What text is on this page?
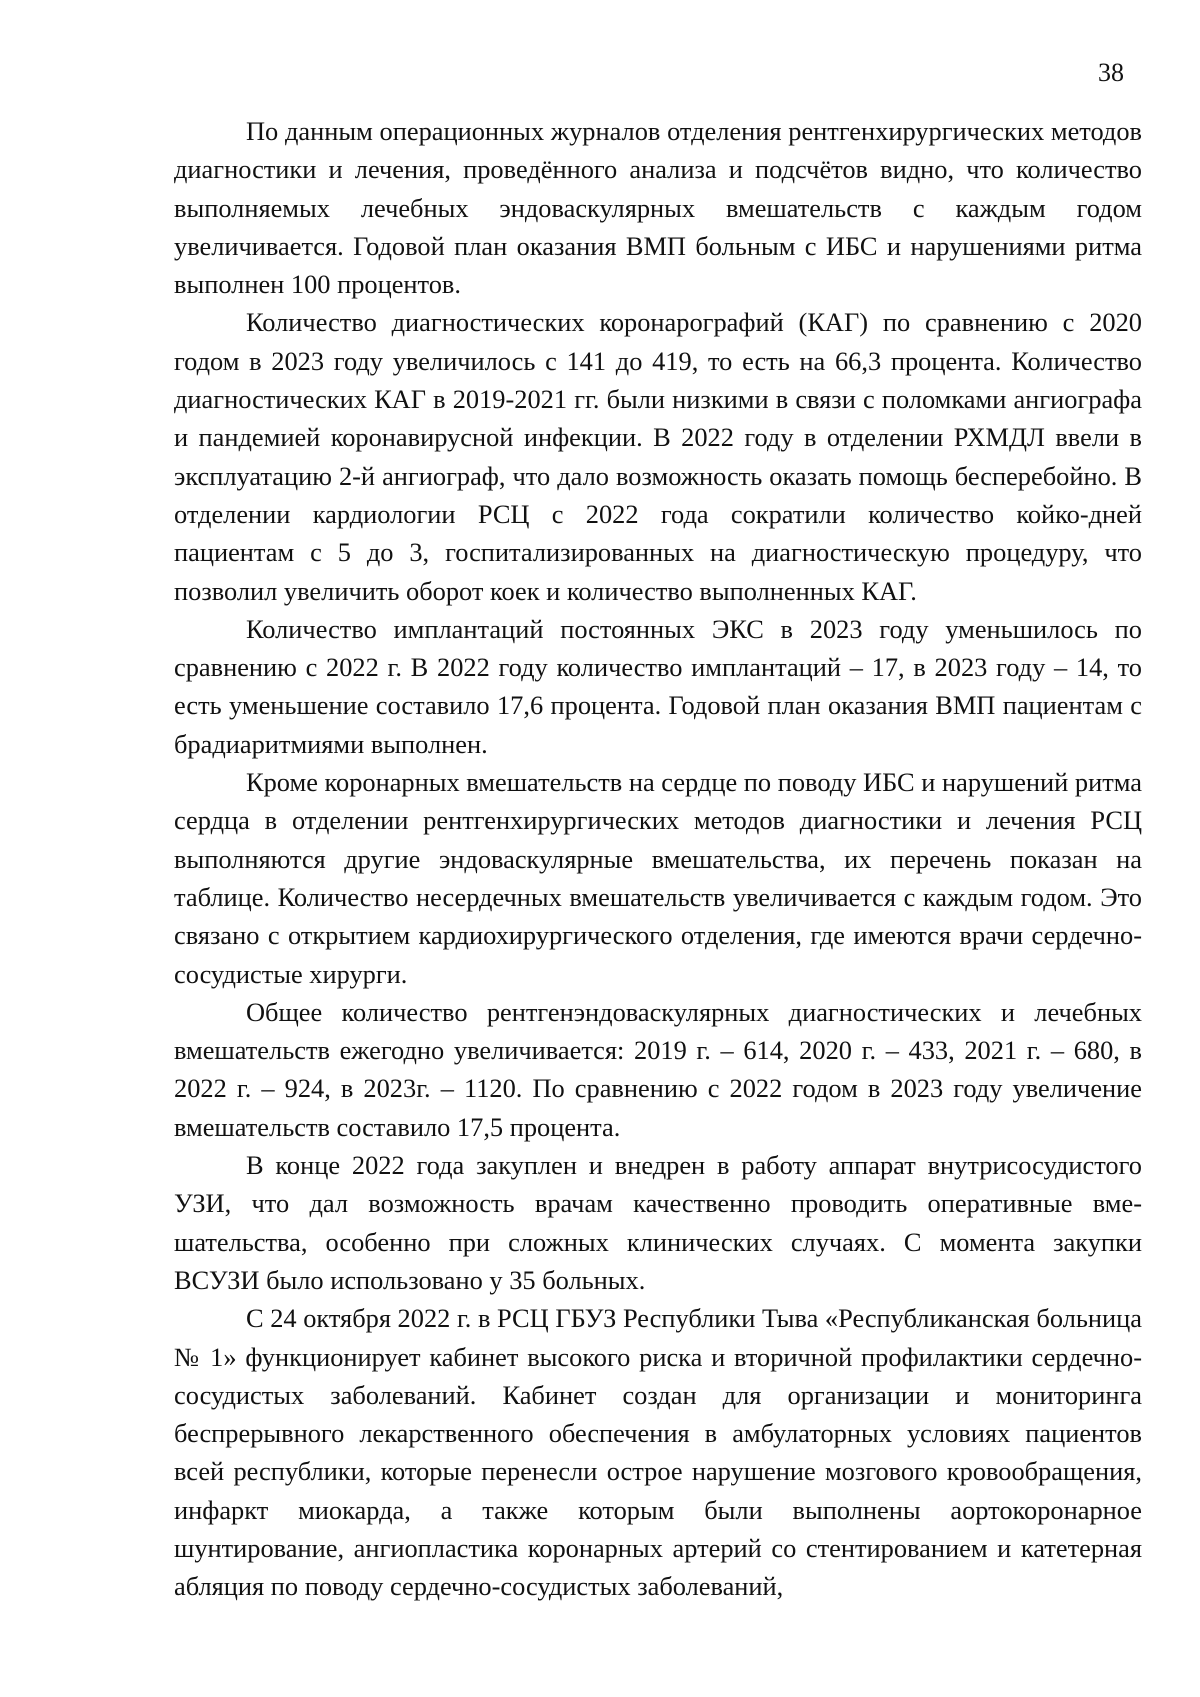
38

По данным операционных журналов отделения рентгенхирургических методов диагностики и лечения, проведённого анализа и подсчётов видно, что количество выполняемых лечебных эндоваскулярных вмешательств с каждым годом увеличивается. Годовой план оказания ВМП больным с ИБС и нарушениями ритма выполнен 100 процентов.

Количество диагностических коронарографий (КАГ) по сравнению с 2020 годом в 2023 году увеличилось с 141 до 419, то есть на 66,3 процента. Количество диагностических КАГ в 2019-2021 гг. были низкими в связи с поломками ангиографа и пандемией коронавирусной инфекции. В 2022 году в отделении РХМДЛ ввели в эксплуатацию 2-й ангиограф, что дало возможность оказать помощь бесперебойно. В отделении кардиологии РСЦ с 2022 года сократили количество койко-дней пациентам с 5 до 3, госпитализированных на диагностическую процедуру, что позволил увеличить оборот коек и количество выполненных КАГ.

Количество имплантаций постоянных ЭКС в 2023 году уменьшилось по сравнению с 2022 г. В 2022 году количество имплантаций – 17, в 2023 году – 14, то есть уменьшение составило 17,6 процента. Годовой план оказания ВМП пациентам с брадиаритмиями выполнен.

Кроме коронарных вмешательств на сердце по поводу ИБС и нарушений ритма сердца в отделении рентгенхирургических методов диагностики и лечения РСЦ выполняются другие эндоваскулярные вмешательства, их перечень показан на таблице. Количество несердечных вмешательств увеличивается с каждым годом. Это связано с открытием кардиохирургического отделения, где имеются врачи сердечно-сосудистые хирурги.

Общее количество рентгенэндоваскулярных диагностических и лечебных вмешательств ежегодно увеличивается: 2019 г. – 614, 2020 г. – 433, 2021 г. – 680, в 2022 г. – 924, в 2023г. – 1120. По сравнению с 2022 годом в 2023 году увеличение вмешательств составило 17,5 процента.

В конце 2022 года закуплен и внедрен в работу аппарат внутрисосудистого УЗИ, что дал возможность врачам качественно проводить оперативные вмешательства, особенно при сложных клинических случаях. С момента закупки ВСУЗИ было использовано у 35 больных.

С 24 октября 2022 г. в РСЦ ГБУЗ Республики Тыва «Республиканская больница № 1» функционирует кабинет высокого риска и вторичной профилактики сердечно-сосудистых заболеваний. Кабинет создан для организации и мониторинга беспрерывного лекарственного обеспечения в амбулаторных условиях пациентов всей республики, которые перенесли острое нарушение мозгового кровообращения, инфаркт миокарда, а также которым были выполнены аортокоронарное шунтирование, ангиопластика коронарных артерий со стентированием и катетерная абляция по поводу сердечно-сосудистых заболеваний,
